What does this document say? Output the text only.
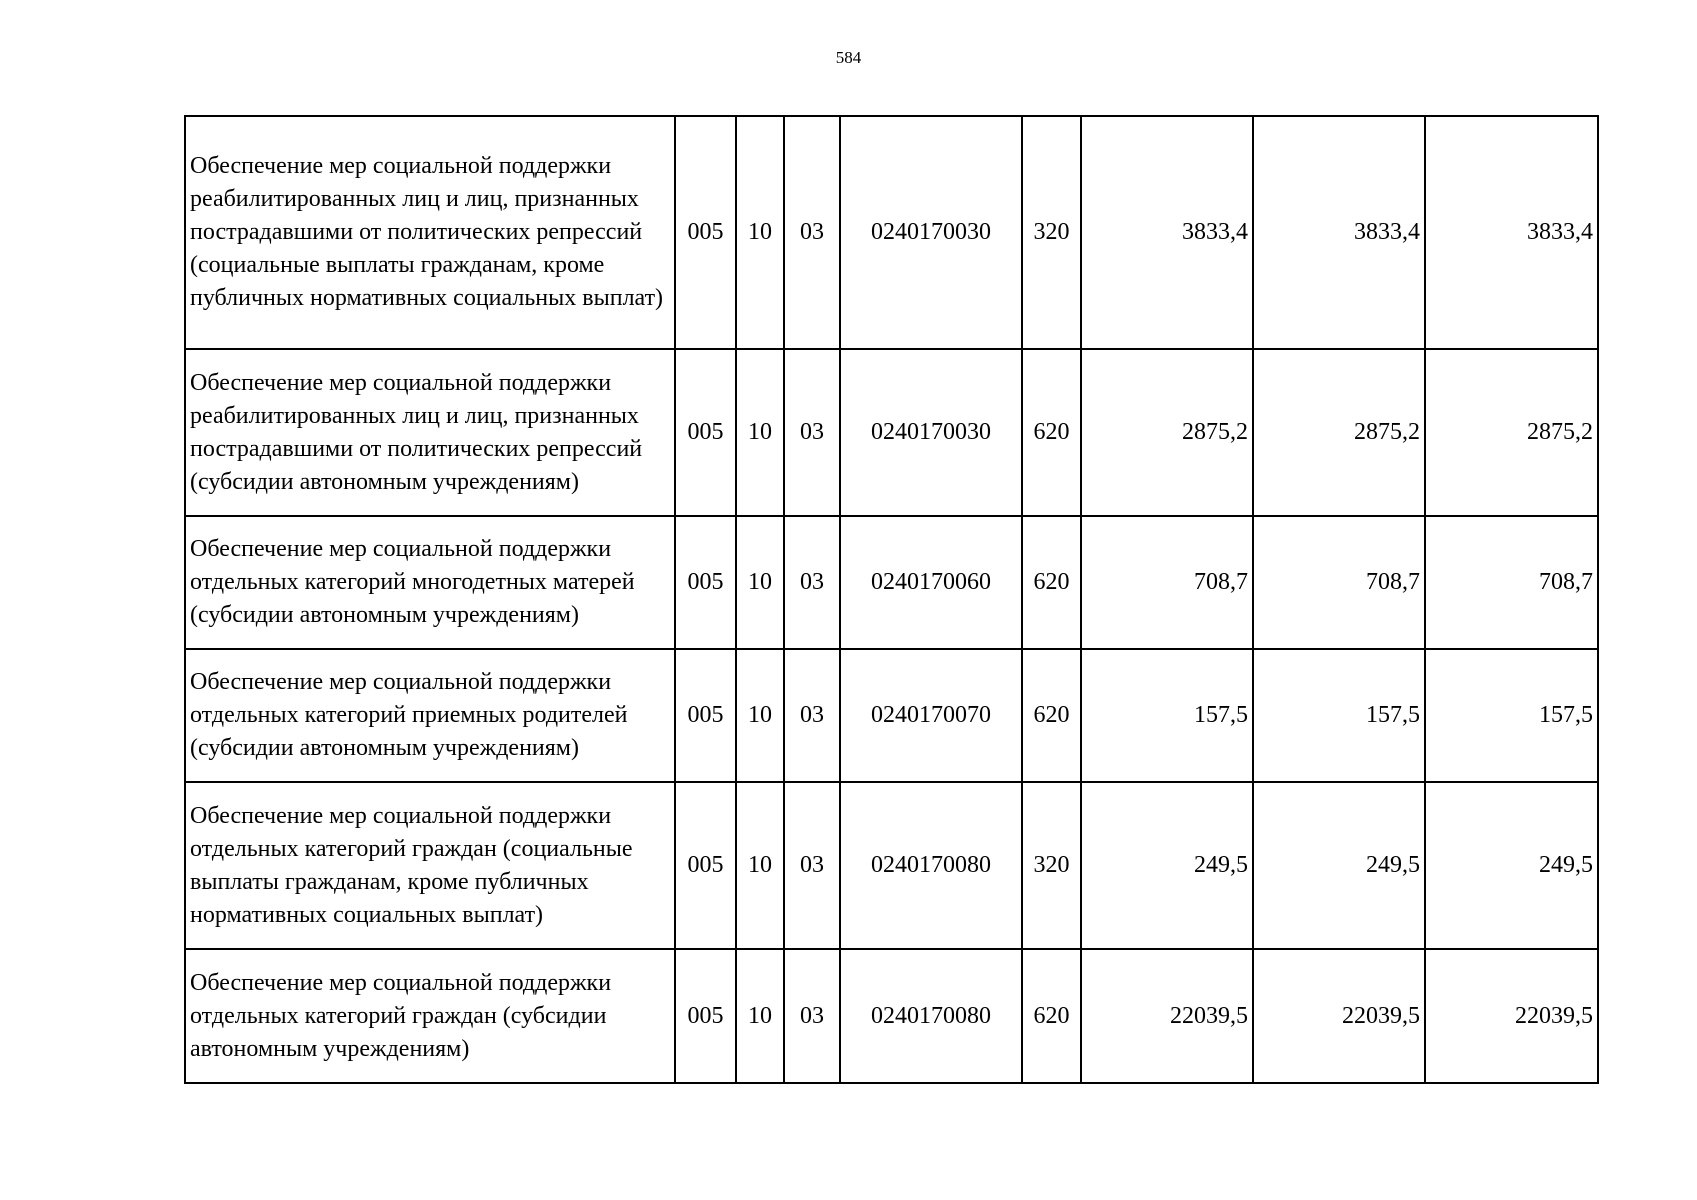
584
Обеспечение мер социальной поддержки реабилитированных лиц и лиц, признанных пострадавшими от политических репрессий (социальные выплаты гражданам, кроме публичных нормативных социальных выплат)	005	10	03	0240170030	320	3833,4	3833,4	3833,4
Обеспечение мер социальной поддержки реабилитированных лиц и лиц, признанных пострадавшими от политических репрессий (субсидии автономным учреждениям)	005	10	03	0240170030	620	2875,2	2875,2	2875,2
Обеспечение мер социальной поддержки отдельных категорий многодетных матерей (субсидии автономным учреждениям)	005	10	03	0240170060	620	708,7	708,7	708,7
Обеспечение мер социальной поддержки отдельных категорий приемных родителей (субсидии автономным учреждениям)	005	10	03	0240170070	620	157,5	157,5	157,5
Обеспечение мер социальной поддержки отдельных категорий граждан (социальные выплаты гражданам, кроме публичных нормативных социальных выплат)	005	10	03	0240170080	320	249,5	249,5	249,5
Обеспечение мер социальной поддержки отдельных категорий граждан (субсидии автономным учреждениям)	005	10	03	0240170080	620	22039,5	22039,5	22039,5
